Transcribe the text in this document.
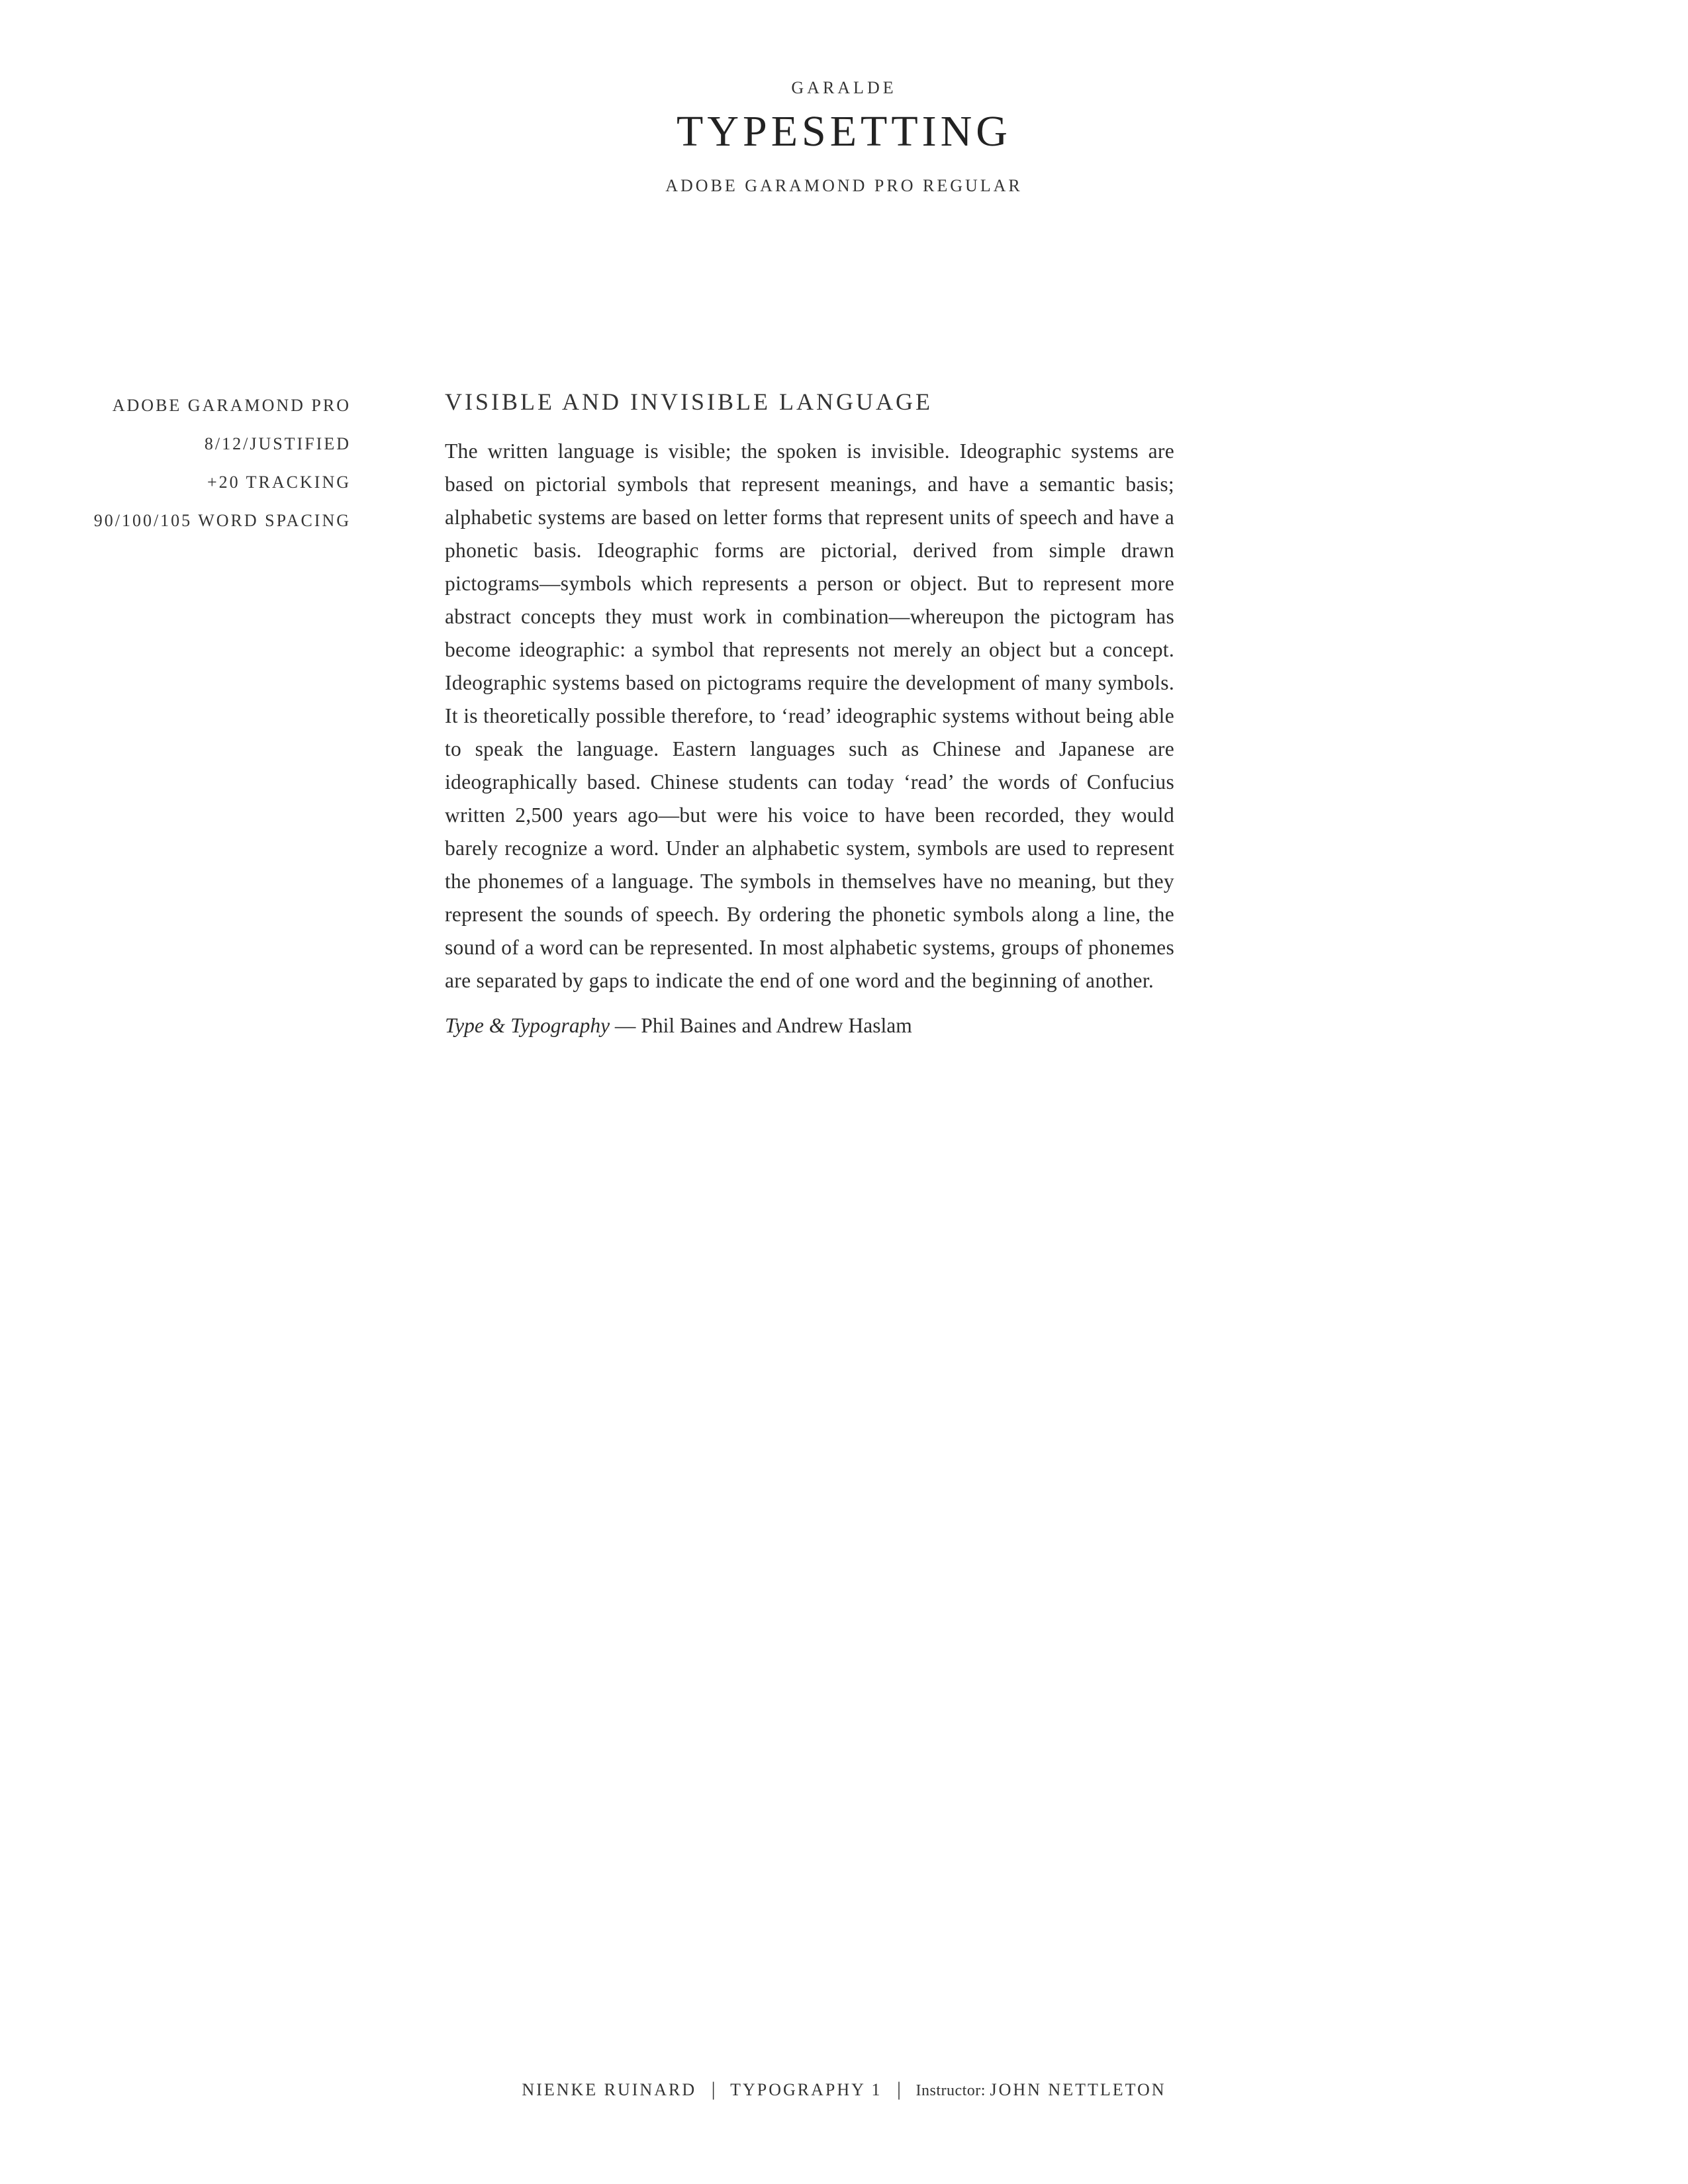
GARALDE
TYPESETTING
ADOBE GARAMOND PRO REGULAR
ADOBE GARAMOND PRO
8/12/JUSTIFIED
+20 TRACKING
90/100/105 WORD SPACING
VISIBLE AND INVISIBLE LANGUAGE
The written language is visible; the spoken is invisible. Ideographic systems are based on pictorial symbols that represent meanings, and have a semantic basis; alphabetic systems are based on letter forms that represent units of speech and have a phonetic basis. Ideographic forms are pictorial, derived from simple drawn pictograms—symbols which represents a person or object. But to represent more abstract concepts they must work in combination—whereupon the pictogram has become ideographic: a symbol that represents not merely an object but a concept. Ideographic systems based on pictograms require the development of many symbols. It is theoretically possible therefore, to ‘read’ ideographic systems without being able to speak the language. Eastern languages such as Chinese and Japanese are ideographically based. Chinese students can today ‘read’ the words of Confucius written 2,500 years ago—but were his voice to have been recorded, they would barely recognize a word. Under an alphabetic system, symbols are used to represent the phonemes of a language. The symbols in themselves have no meaning, but they represent the sounds of speech. By ordering the phonetic symbols along a line, the sound of a word can be represented. In most alphabetic systems, groups of phonemes are separated by gaps to indicate the end of one word and the beginning of another.
Type & Typography — Phil Baines and Andrew Haslam
NIENKE RUINARD | TYPOGRAPHY 1 | Instructor: JOHN NETTLETON
